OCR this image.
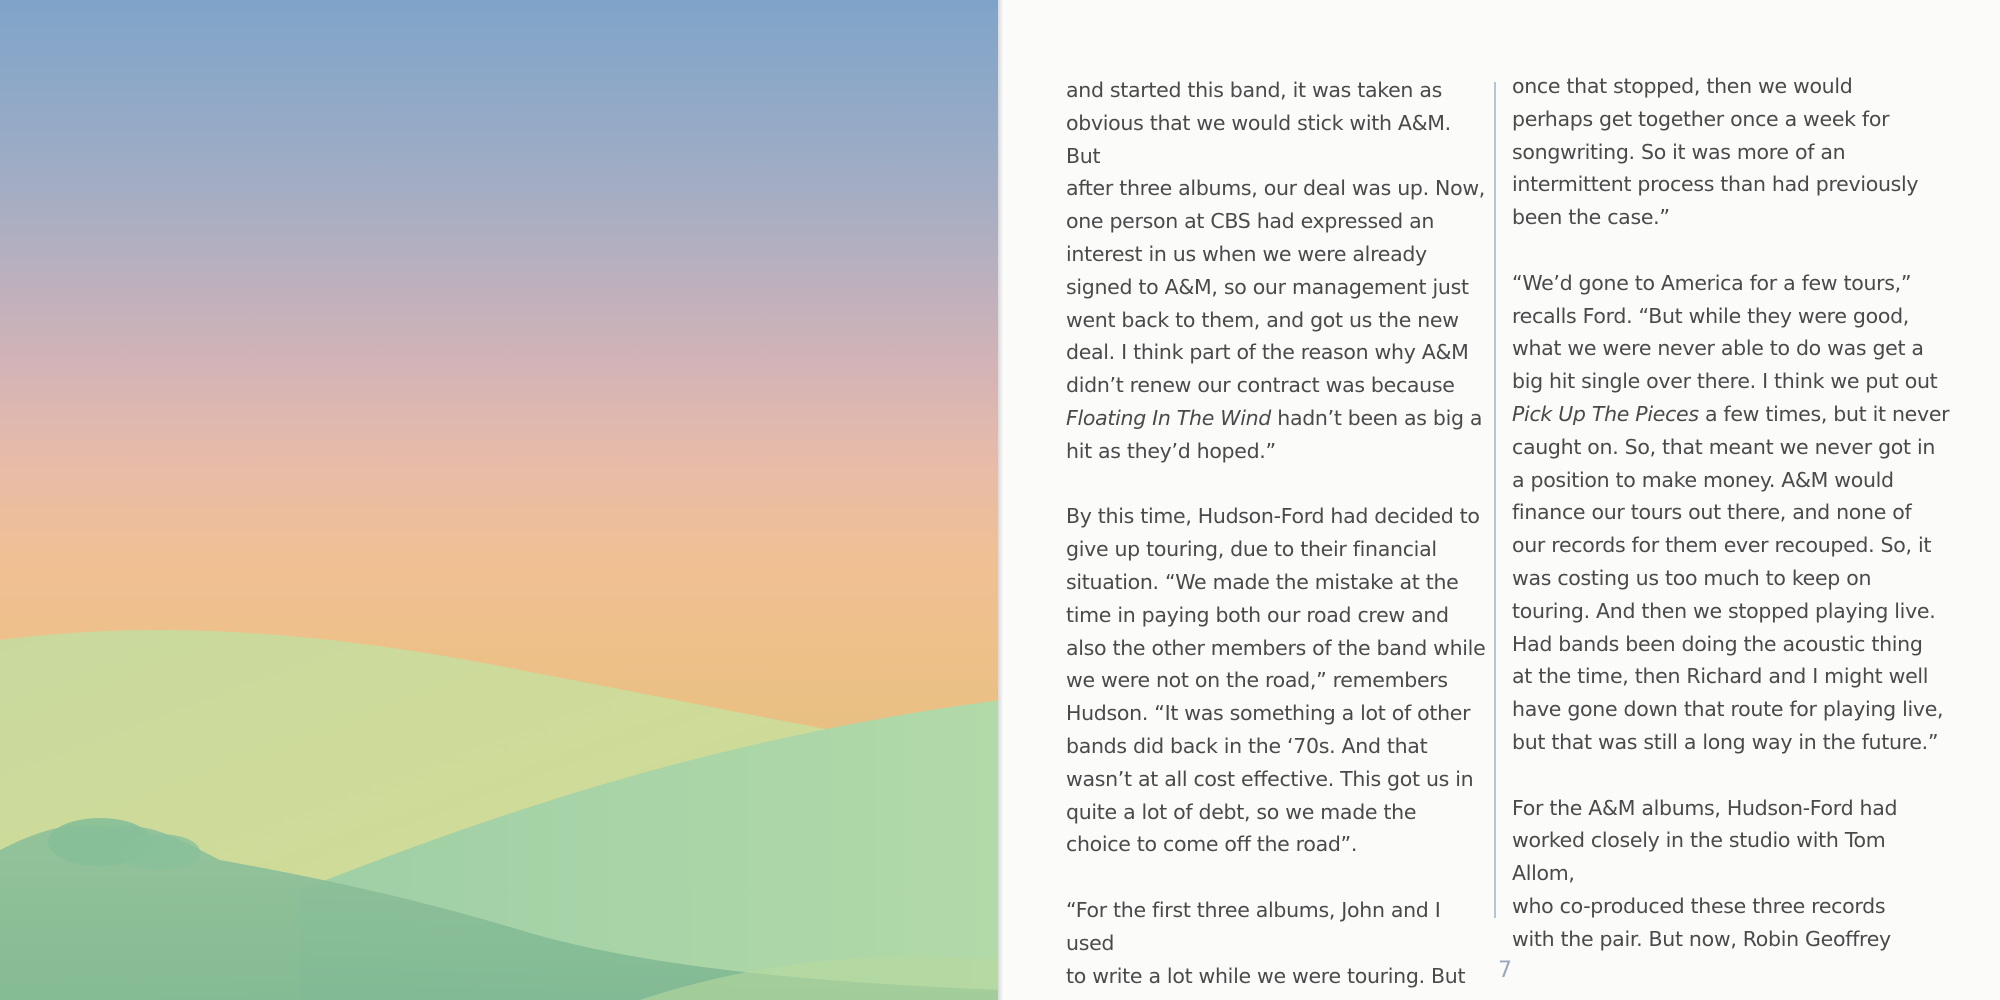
and started this band, it was taken as
obvious that we would stick with A&M. But
after three albums, our deal was up. Now,
one person at CBS had expressed an
interest in us when we were already
signed to A&M, so our management just
went back to them, and got us the new
deal. I think part of the reason why A&M
didn’t renew our contract was because
Floating In The Wind hadn’t been as big a
hit as they’d hoped.”

By this time, Hudson-Ford had decided to
give up touring, due to their financial
situation. “We made the mistake at the
time in paying both our road crew and
also the other members of the band while
we were not on the road,” remembers
Hudson. “It was something a lot of other
bands did back in the ‘70s. And that
wasn’t at all cost effective. This got us in
quite a lot of debt, so we made the
choice to come off the road”.

“For the first three albums, John and I used
to write a lot while we were touring. But

once that stopped, then we would
perhaps get together once a week for
songwriting. So it was more of an
intermittent process than had previously
been the case.”

“We’d gone to America for a few tours,”
recalls Ford. “But while they were good,
what we were never able to do was get a
big hit single over there. I think we put out
Pick Up The Pieces a few times, but it never
caught on. So, that meant we never got in
a position to make money. A&M would
finance our tours out there, and none of
our records for them ever recouped. So, it
was costing us too much to keep on
touring. And then we stopped playing live.
Had bands been doing the acoustic thing
at the time, then Richard and I might well
have gone down that route for playing live,
but that was still a long way in the future.”

For the A&M albums, Hudson-Ford had
worked closely in the studio with Tom Allom,
who co-produced these three records
with the pair. But now, Robin Geoffrey

7
